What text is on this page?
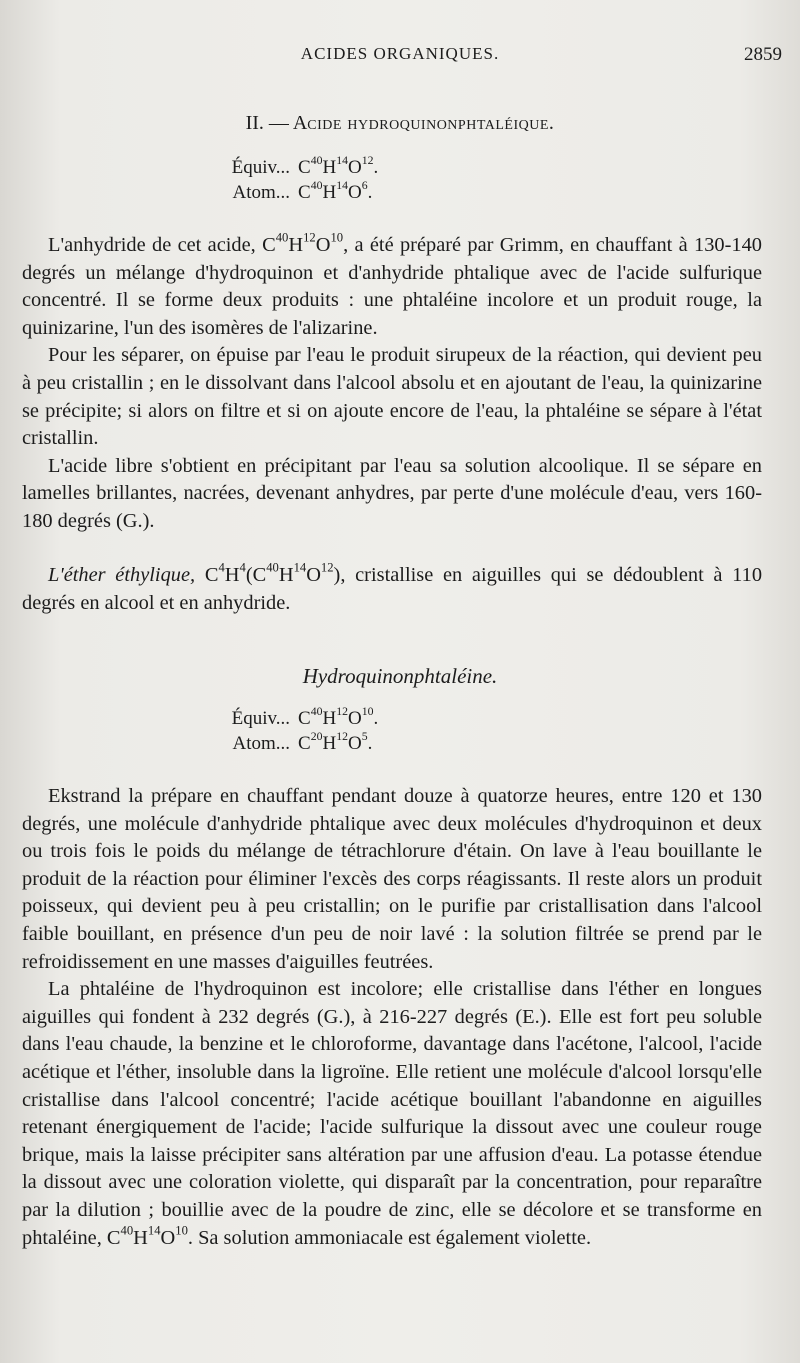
ACIDES ORGANIQUES.	2859
II. — Acide hydroquinonphtaléique.
Équiv... $C^{40}H^{14}O^{12}$.
Atom... $C^{40}H^{14}O^6$.

L'anhydride de cet acide, $C^{40}H^{12}O^{10}$, a été préparé par Grimm, en chauffant à 130-140 degrés un mélange d'hydroquinon et d'anhydride phtalique avec de l'acide sulfurique concentré. Il se forme deux produits : une phtaléine incolore et un produit rouge, la quinizarine, l'un des isomères de l'alizarine.

Pour les séparer, on épuise par l'eau le produit sirupeux de la réaction, qui devient peu à peu cristallin ; en le dissolvant dans l'alcool absolu et en ajoutant de l'eau, la quinizarine se précipite; si alors on filtre et si on ajoute encore de l'eau, la phtaléine se sépare à l'état cristallin.

L'acide libre s'obtient en précipitant par l'eau sa solution alcoolique. Il se sépare en lamelles brillantes, nacrées, devenant anhydres, par perte d'une molécule d'eau, vers 160-180 degrés (G.).

L'éther éthylique, $C^4H^4(C^{40}H^{14}O^{12})$, cristallise en aiguilles qui se dédoublent à 110 degrés en alcool et en anhydride.

Hydroquinonphtaléine.
Équiv... $C^{40}H^{12}O^{10}$.
Atom... $C^{20}H^{12}O^5$.

Ekstrand la prépare en chauffant pendant douze à quatorze heures, entre 120 et 130 degrés, une molécule d'anhydride phtalique avec deux molécules d'hydroquinon et deux ou trois fois le poids du mélange de tétrachlorure d'étain. On lave à l'eau bouillante le produit de la réaction pour éliminer l'excès des corps réagissants. Il reste alors un produit poisseux, qui devient peu à peu cristallin; on le purifie par cristallisation dans l'alcool faible bouillant, en présence d'un peu de noir lavé : la solution filtrée se prend par le refroidissement en une masses d'aiguilles feutrées.

La phtaléine de l'hydroquinon est incolore; elle cristallise dans l'éther en longues aiguilles qui fondent à 232 degrés (G.), à 216-227 degrés (E.). Elle est fort peu soluble dans l'eau chaude, la benzine et le chloroforme, davantage dans l'acétone, l'alcool, l'acide acétique et l'éther, insoluble dans la ligroïne. Elle retient une molécule d'alcool lorsqu'elle cristallise dans l'alcool concentré; l'acide acétique bouillant l'abandonne en aiguilles retenant énergiquement de l'acide; l'acide sulfurique la dissout avec une couleur rouge brique, mais la laisse précipiter sans altération par une affusion d'eau. La potasse étendue la dissout avec une coloration violette, qui disparaît par la concentration, pour reparaître par la dilution ; bouillie avec de la poudre de zinc, elle se décolore et se transforme en phtaléine, $C^{40}H^{14}O^{10}$. Sa solution ammoniacale est également violette.
